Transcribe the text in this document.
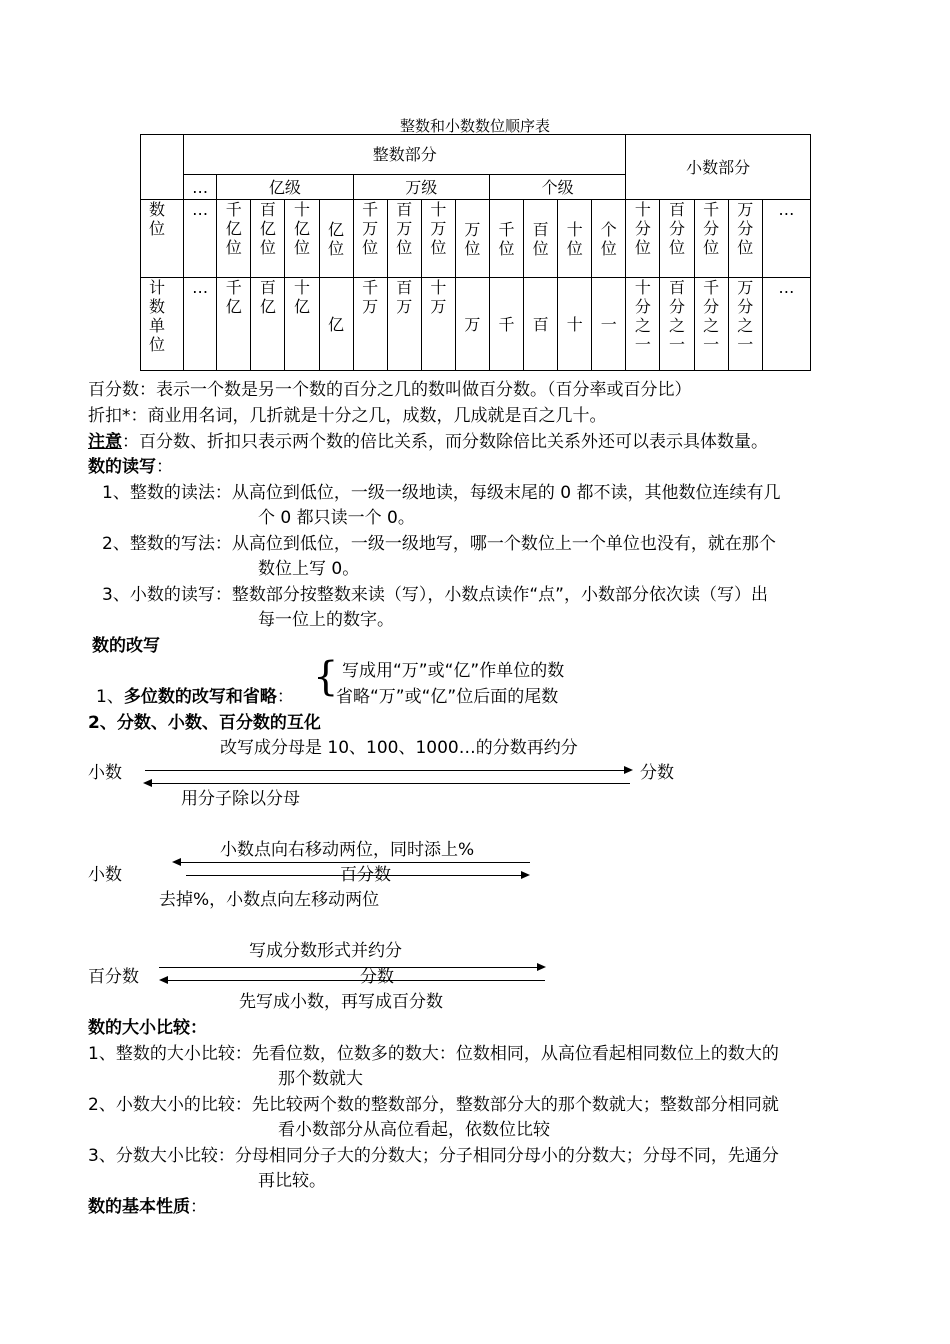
整数和小数数位顺序表
	整数部分													小数部分				
	…	亿级				万级				个级								

数位	…	千亿位	百亿位	十亿位	亿位	千万位	百万位	十万位	万位	千位	百位	十位	个位	十分位	百分位	千分位	万分位	…

计数单位	…	千亿	百亿	十亿	亿	千万	百万	十万	万	千	百	十	一	十分之一	百分之一	千分之一	万分之一	…
百分数：表示一个数是另一个数的百分之几的数叫做百分数。（百分率或百分比）
折扣*：商业用名词，几折就是十分之几，成数，几成就是百之几十。
注意：百分数、折扣只表示两个数的倍比关系，而分数除倍比关系外还可以表示具体数量。
数的读写：
1、整数的读法：从高位到低位，一级一级地读，每级末尾的 0 都不读，其他数位连续有几
个 0 都只读一个 0。
2、整数的写法：从高位到低位，一级一级地写，哪一个数位上一个单位也没有，就在那个
数位上写 0。
3、小数的读写：整数部分按整数来读（写），小数点读作“点”，小数部分依次读（写）出
每一位上的数字。
数的改写
写成用“万”或“亿”作单位的数
{
1、多位数的改写和省略： 省略“万”或“亿”位后面的尾数
2、分数、小数、百分数的互化
改写成分母是 10、100、1000…的分数再约分
小数	分数
用分子除以分母
小数点向右移动两位，同时添上%
小数	百分数
去掉%，小数点向左移动两位
写成分数形式并约分
百分数	分数
先写成小数，再写成百分数
数的大小比较：
1、整数的大小比较：先看位数，位数多的数大：位数相同，从高位看起相同数位上的数大的
那个数就大
2、小数大小的比较：先比较两个数的整数部分，整数部分大的那个数就大；整数部分相同就
看小数部分从高位看起，依数位比较
3、分数大小比较：分母相同分子大的分数大；分子相同分母小的分数大；分母不同，先通分
再比较。
数的基本性质：
